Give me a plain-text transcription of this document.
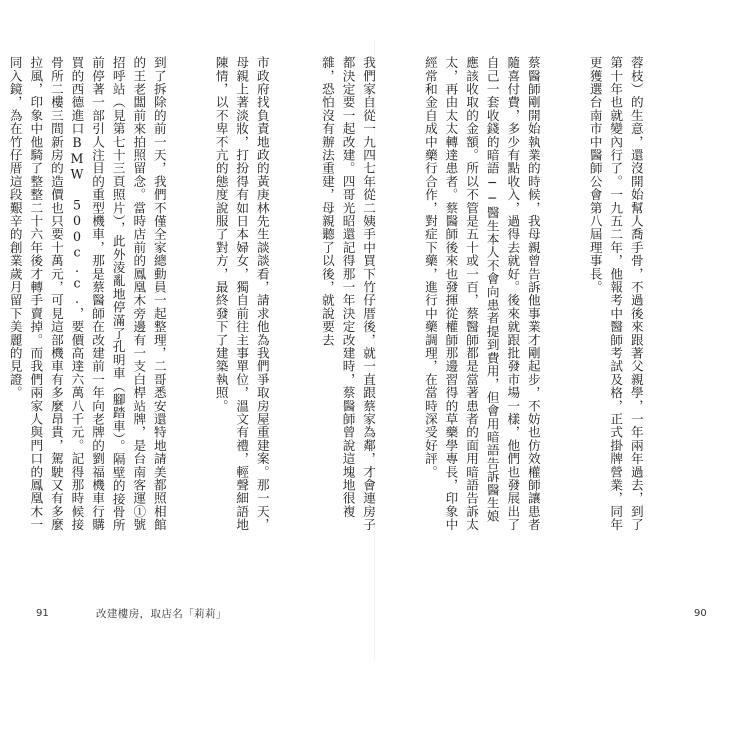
蓉枝）的生意，還沒開始幫人喬手骨，不過後來跟著父親學，一年兩年過去，到了第十年也就變內行了。一九五二年，他報考中醫師考試及格，正式掛牌營業，同年更獲選台南市中醫師公會第八屆理事長。

蔡醫師剛開始執業的時候，我母親曾告訴他事業才剛起步，不妨也仿效權師讓患者隨喜付費，多少有點收入，過得去就好。後來就跟批發市場一樣，他們也發展出了自己一套收錢的暗語──醫生本人不會向患者提到費用，但會用暗語告訴醫生娘應該收取的金額。所以不管是五十或一百，蔡醫師都是當著患者的面用暗語告訴太太，再由太太轉達患者。蔡醫師後來也發揮從權師那邊習得的草藥學專長，印象中經常和金自成中藥行合作，對症下藥，進行中藥調理，在當時深受好評。

我們家自從一九四七年從二姨手中買下竹仔厝後，就一直跟蔡家為鄰，才會連房子都決定要一起改建。四哥光昭還記得那一年決定改建時，蔡醫師曾說這塊地很複雜，恐怕沒有辦法重建，母親聽了以後，就說要去

90

市政府找負責地政的黃庚林先生談談看，請求他為我們爭取房屋重建案。那一天，母親上著淡妝，打扮得有如日本婦女，獨自前往主事單位，溫文有禮，輕聲細語地陳情，以不卑不亢的態度說服了對方，最終發下了建築執照。

到了拆除的前一天，我們不僅全家總動員一起整理，二哥悉安還特地請美都照相館的王老闆前來拍照留念。當時店前的鳳凰木旁邊有一支白桿站牌，是台南客運①號招呼站（見第七十三頁照片），此外淩亂地停滿了孔明車（腳踏車）。隔壁的接骨所前停著一部引人注目的重型機車，那是蔡醫師在改建前一年向老牌的劉福機車行購買的西德進口BMW 500c.c.，要價高達六萬八千元。記得那時候接骨所二樓三間新房的造價也只要十萬元，可見這部機車有多麼昂貴，駕駛又有多麼拉風，印象中他騎了整整二十六年後才轉手賣掉。而我們兩家人與門口的鳳凰木一同入鏡，為在竹仔厝這段艱辛的創業歲月留下美麗的見證。

91	改建樓房，取店名「莉莉」
